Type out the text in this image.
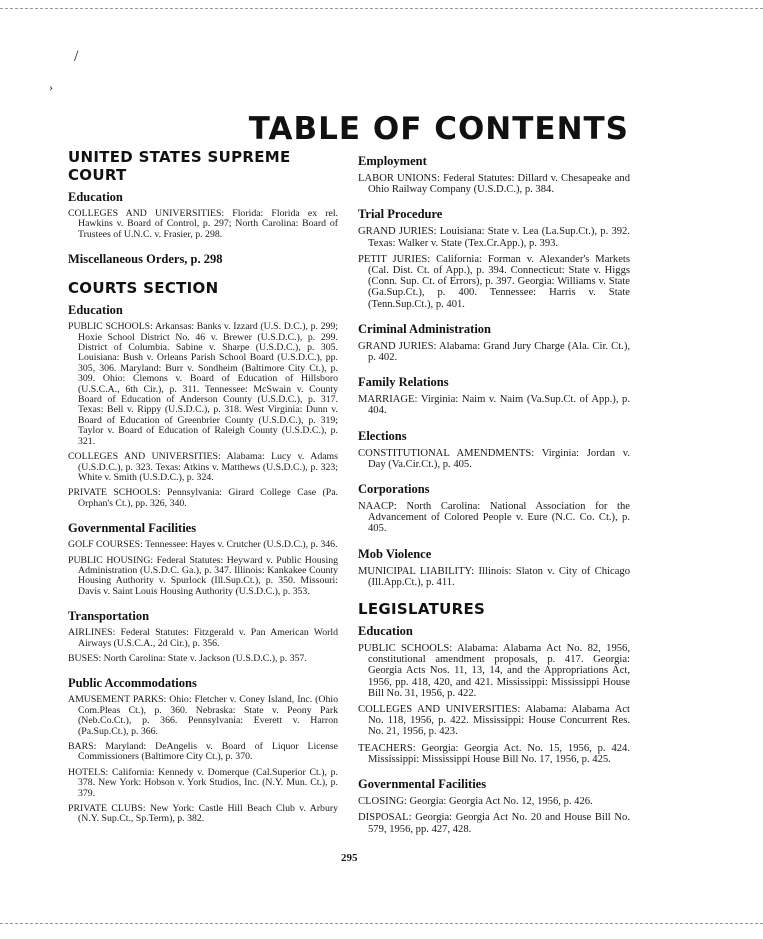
/
›
TABLE OF CONTENTS
UNITED STATES SUPREME COURT
Education

COLLEGES AND UNIVERSITIES: Florida: Florida ex rel. Hawkins v. Board of Control, p. 297; North Carolina: Board of Trustees of U.N.C. v. Frasier, p. 298.

Miscellaneous Orders, p. 298
COURTS SECTION
Education

PUBLIC SCHOOLS: Arkansas: Banks v. Izzard (U.S. D.C.), p. 299; Hoxie School District No. 46 v. Brewer (U.S.D.C.), p. 299. District of Columbia. Sabine v. Sharpe (U.S.D.C.), p. 305. Louisiana: Bush v. Orleans Parish School Board (U.S.D.C.), pp. 305, 306. Maryland: Burr v. Sondheim (Baltimore City Ct.), p. 309. Ohio: Clemons v. Board of Education of Hillsboro (U.S.C.A., 6th Cir.), p. 311. Tennessee: McSwain v. County Board of Education of Anderson County (U.S.D.C.), p. 317. Texas: Bell v. Rippy (U.S.D.C.), p. 318. West Virginia: Dunn v. Board of Education of Greenbrier County (U.S.D.C.), p. 319; Taylor v. Board of Education of Raleigh County (U.S.D.C.), p. 321.

COLLEGES AND UNIVERSITIES: Alabama: Lucy v. Adams (U.S.D.C.), p. 323. Texas: Atkins v. Matthews (U.S.D.C.), p. 323; White v. Smith (U.S.D.C.), p. 324.

PRIVATE SCHOOLS: Pennsylvania: Girard College Case (Pa. Orphan's Ct.), pp. 326, 340.

Governmental Facilities

GOLF COURSES: Tennessee: Hayes v. Crutcher (U.S.D.C.), p. 346.

PUBLIC HOUSING: Federal Statutes: Heyward v. Public Housing Administration (U.S.D.C. Ga.), p. 347. Illinois: Kankakee County Housing Authority v. Spurlock (Ill.Sup.Ct.), p. 350. Missouri: Davis v. Saint Louis Housing Authority (U.S.D.C.), p. 353.

Transportation

AIRLINES: Federal Statutes: Fitzgerald v. Pan American World Airways (U.S.C.A., 2d Cir.), p. 356.

BUSES: North Carolina: State v. Jackson (U.S.D.C.), p. 357.

Public Accommodations

AMUSEMENT PARKS: Ohio: Fletcher v. Coney Island, Inc. (Ohio Com.Pleas Ct.), p. 360. Nebraska: State v. Peony Park (Neb.Co.Ct.), p. 366. Pennsylvania: Everett v. Harron (Pa.Sup.Ct.), p. 366.

BARS: Maryland: DeAngelis v. Board of Liquor License Commissioners (Baltimore City Ct.), p. 370.

HOTELS: California: Kennedy v. Domerque (Cal.Superior Ct.), p. 378. New York: Hobson v. York Studios, Inc. (N.Y. Mun. Ct.), p. 379.

PRIVATE CLUBS: New York: Castle Hill Beach Club v. Arbury (N.Y. Sup.Ct., Sp.Term), p. 382.

Employment

LABOR UNIONS: Federal Statutes: Dillard v. Chesapeake and Ohio Railway Company (U.S.D.C.), p. 384.

Trial Procedure

GRAND JURIES: Louisiana: State v. Lea (La.Sup.Ct.), p. 392. Texas: Walker v. State (Tex.Cr.App.), p. 393.

PETIT JURIES: California: Forman v. Alexander's Markets (Cal. Dist. Ct. of App.), p. 394. Connecticut: State v. Higgs (Conn. Sup. Ct. of Errors), p. 397. Georgia: Williams v. State (Ga.Sup.Ct.), p. 400. Tennessee: Harris v. State (Tenn.Sup.Ct.), p. 401.

Criminal Administration

GRAND JURIES: Alabama: Grand Jury Charge (Ala. Cir. Ct.), p. 402.

Family Relations

MARRIAGE: Virginia: Naim v. Naim (Va.Sup.Ct. of App.), p. 404.

Elections

CONSTITUTIONAL AMENDMENTS: Virginia: Jordan v. Day (Va.Cir.Ct.), p. 405.

Corporations

NAACP: North Carolina: National Association for the Advancement of Colored People v. Eure (N.C. Co. Ct.), p. 405.

Mob Violence

MUNICIPAL LIABILITY: Illinois: Slaton v. City of Chicago (Ill.App.Ct.), p. 411.

LEGISLATURES
Education

PUBLIC SCHOOLS: Alabama: Alabama Act No. 82, 1956, constitutional amendment proposals, p. 417. Georgia: Georgia Acts Nos. 11, 13, 14, and the Appropriations Act, 1956, pp. 418, 420, and 421. Mississippi: Mississippi House Bill No. 31, 1956, p. 422.

COLLEGES AND UNIVERSITIES: Alabama: Alabama Act No. 118, 1956, p. 422. Mississippi: House Concurrent Res. No. 21, 1956, p. 423.

TEACHERS: Georgia: Georgia Act. No. 15, 1956, p. 424. Mississippi: Mississippi House Bill No. 17, 1956, p. 425.

Governmental Facilities

CLOSING: Georgia: Georgia Act No. 12, 1956, p. 426.

DISPOSAL: Georgia: Georgia Act No. 20 and House Bill No. 579, 1956, pp. 427, 428.

295
